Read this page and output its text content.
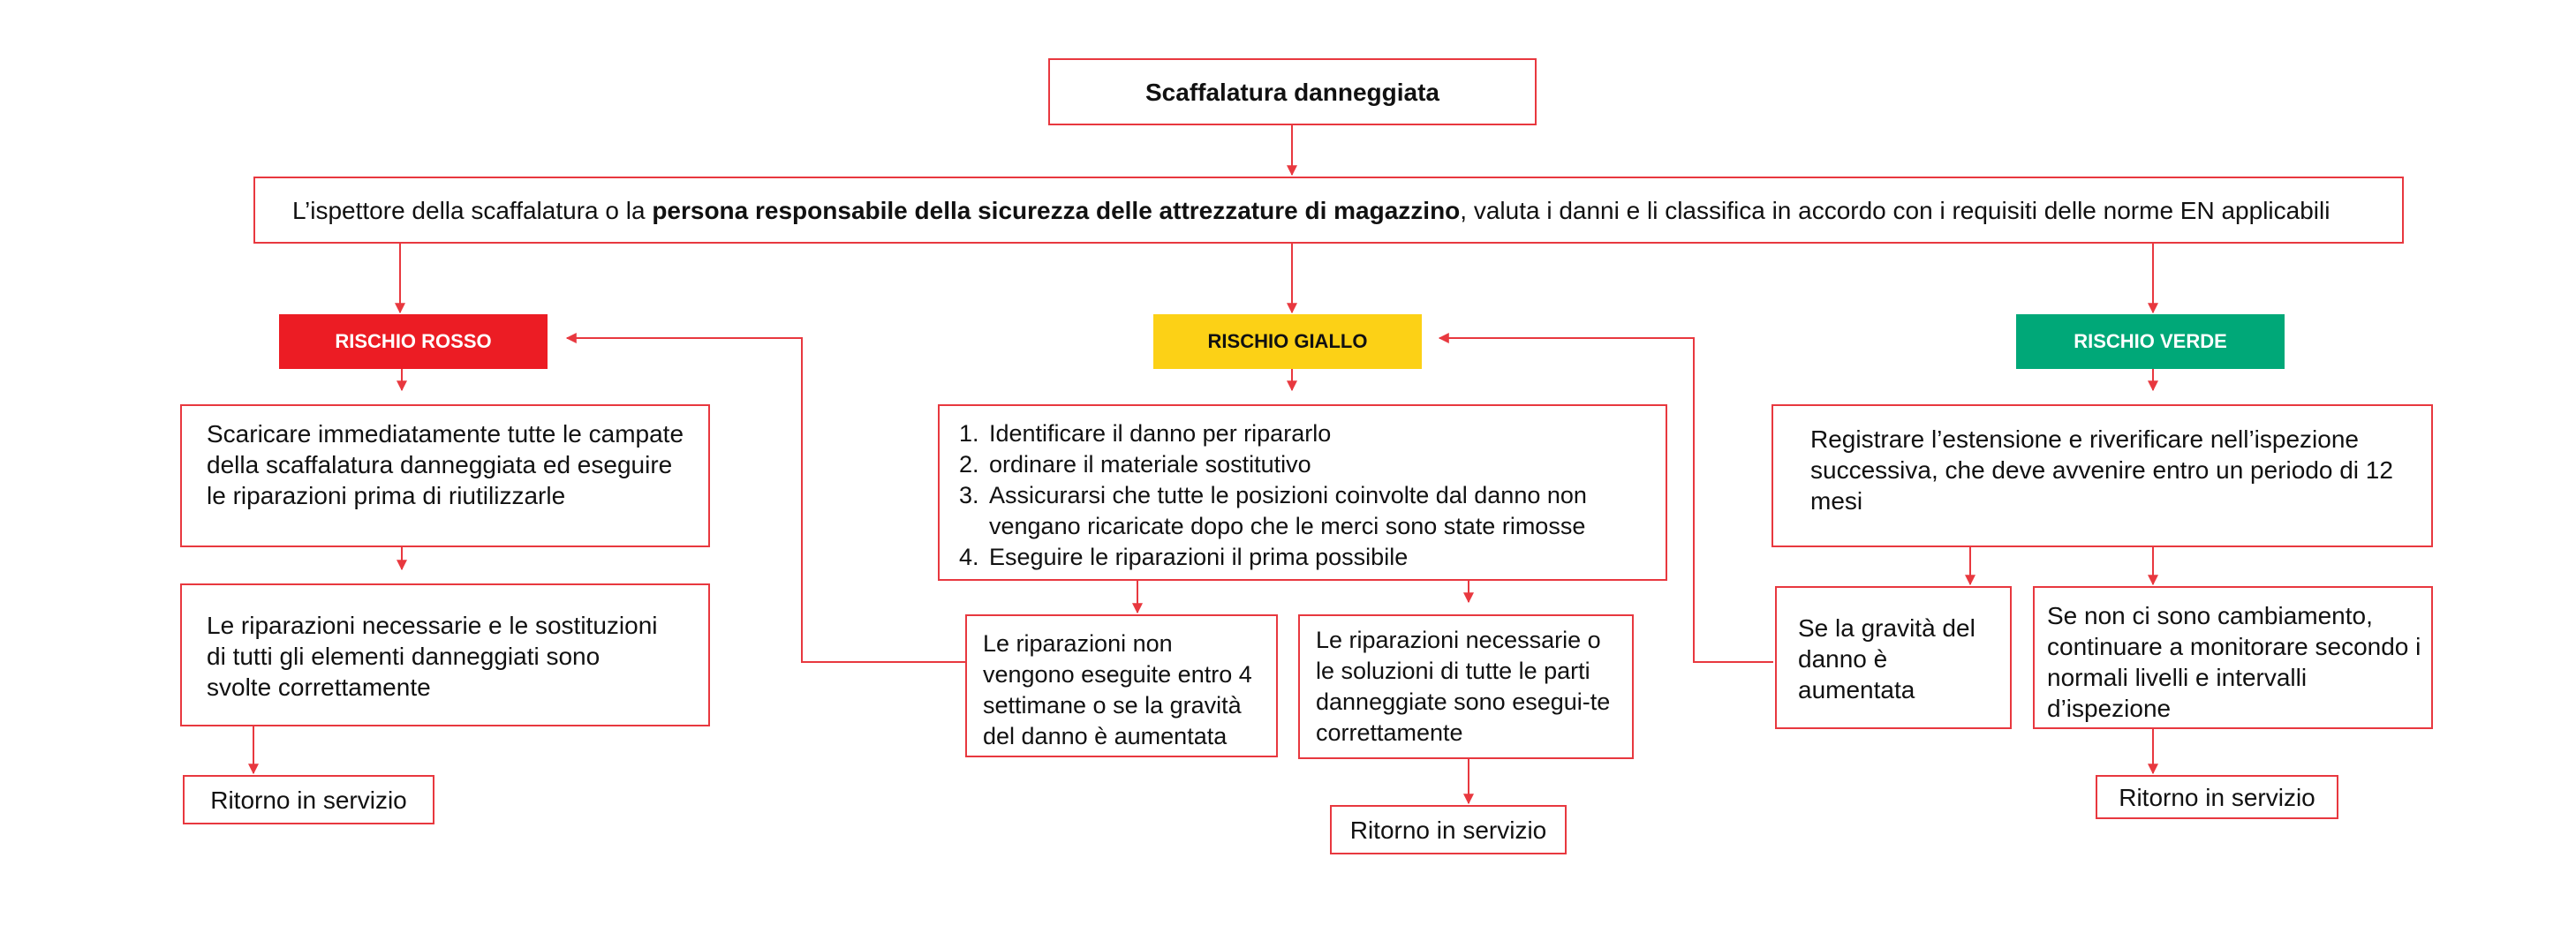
Scaffalatura danneggiata
L’ispettore della scaffalatura o la persona responsabile della sicurezza delle attrezzature di magazzino, valuta i danni e li classifica in accordo con i requisiti delle norme EN applicabili
RISCHIO ROSSO	RISCHIO GIALLO	RISCHIO VERDE
Scaricare immediatamente tutte le campate della scaffalatura danneggiata ed eseguire le riparazioni prima di riutilizzarle
Le riparazioni necessarie e le sostituzioni di tutti gli elementi danneggiati sono svolte correttamente
Ritorno in servizio
1. Identificare il danno per ripararlo
2. ordinare il materiale sostitutivo
3. Assicurarsi che tutte le posizioni coinvolte dal danno non vengano ricaricate dopo che le merci sono state rimosse
4. Eseguire le riparazioni il prima possibile
Le riparazioni non vengono eseguite entro 4 settimane o se la gravità del danno è aumentata
Le riparazioni necessarie o le soluzioni di tutte le parti danneggiate sono esegui-te correttamente
Ritorno in servizio
Registrare l’estensione e riverificare nell’ispezione successiva, che deve avvenire entro un periodo di 12 mesi
Se la gravità del danno è aumentata
Se non ci sono cambiamento, continuare a monitorare secondo i normali livelli e intervalli d’ispezione
Ritorno in servizio
